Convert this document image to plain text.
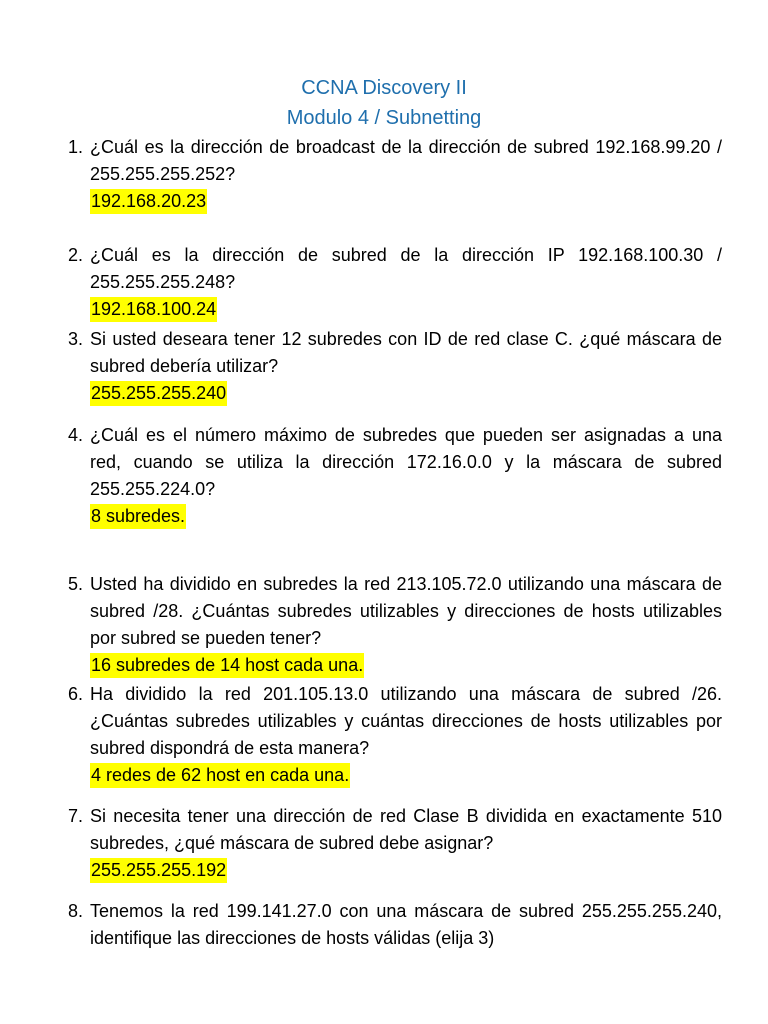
CCNA Discovery II
Modulo 4 / Subnetting
1. ¿Cuál es la dirección de broadcast de la dirección de subred 192.168.99.20 / 255.255.255.252?
192.168.20.23
2. ¿Cuál es la dirección de subred de la dirección IP 192.168.100.30 / 255.255.255.248?
192.168.100.24
3. Si usted deseara tener 12 subredes con ID de red clase C. ¿qué máscara de subred debería utilizar?
255.255.255.240
4. ¿Cuál es el número máximo de subredes que pueden ser asignadas a una red, cuando se utiliza la dirección 172.16.0.0 y la máscara de subred 255.255.224.0?
8 subredes.
5. Usted ha dividido en subredes la red 213.105.72.0 utilizando una máscara de subred /28. ¿Cuántas subredes utilizables y direcciones de hosts utilizables por subred se pueden tener?
16 subredes de 14 host cada una.
6. Ha dividido la red 201.105.13.0 utilizando una máscara de subred /26. ¿Cuántas subredes utilizables y cuántas direcciones de hosts utilizables por subred dispondrá de esta manera?
4 redes de 62 host en cada una.
7. Si necesita tener una dirección de red Clase B dividida en exactamente 510 subredes, ¿qué máscara de subred debe asignar?
255.255.255.192
8. Tenemos la red 199.141.27.0 con una máscara de subred 255.255.255.240, identifique las direcciones de hosts válidas (elija 3)
